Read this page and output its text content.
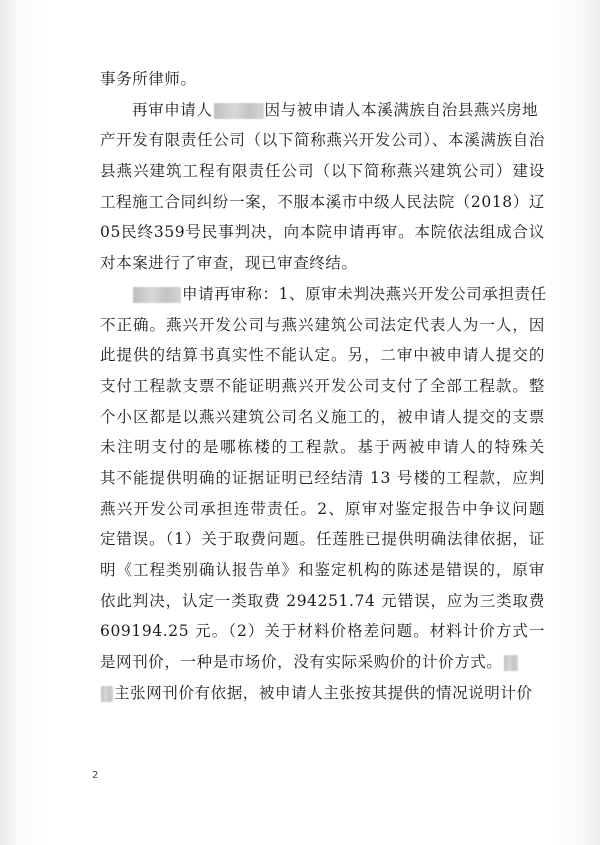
事务所律师。
再审申请人	因与被申请人本溪满族自治县燕兴房地
产开发有限责任公司（以下简称燕兴开发公司）、本溪满族自治
县燕兴建筑工程有限责任公司（以下简称燕兴建筑公司）建设
工程施工合同纠纷一案，不服本溪市中级人民法院（2018）辽
05民终359号民事判决，向本院申请再审。本院依法组成合议
对本案进行了审查，现已审查终结。
申请再审称：1、原审未判决燕兴开发公司承担责任
不正确。燕兴开发公司与燕兴建筑公司法定代表人为一人，因
此提供的结算书真实性不能认定。另，二审中被申请人提交的
支付工程款支票不能证明燕兴开发公司支付了全部工程款。整
个小区都是以燕兴建筑公司名义施工的，被申请人提交的支票
未注明支付的是哪栋楼的工程款。基于两被申请人的特殊关
其不能提供明确的证据证明已经结清 13 号楼的工程款，应判
燕兴开发公司承担连带责任。2、原审对鉴定报告中争议问题
定错误。（1）关于取费问题。任莲胜已提供明确法律依据，证
明《工程类别确认报告单》和鉴定机构的陈述是错误的，原审
依此判决，认定一类取费 294251.74 元错误，应为三类取费
609194.25 元。（2）关于材料价格差问题。材料计价方式一
是网刊价，一种是市场价，没有实际采购价的计价方式。
主张网刊价有依据，被申请人主张按其提供的情况说明计价
2
